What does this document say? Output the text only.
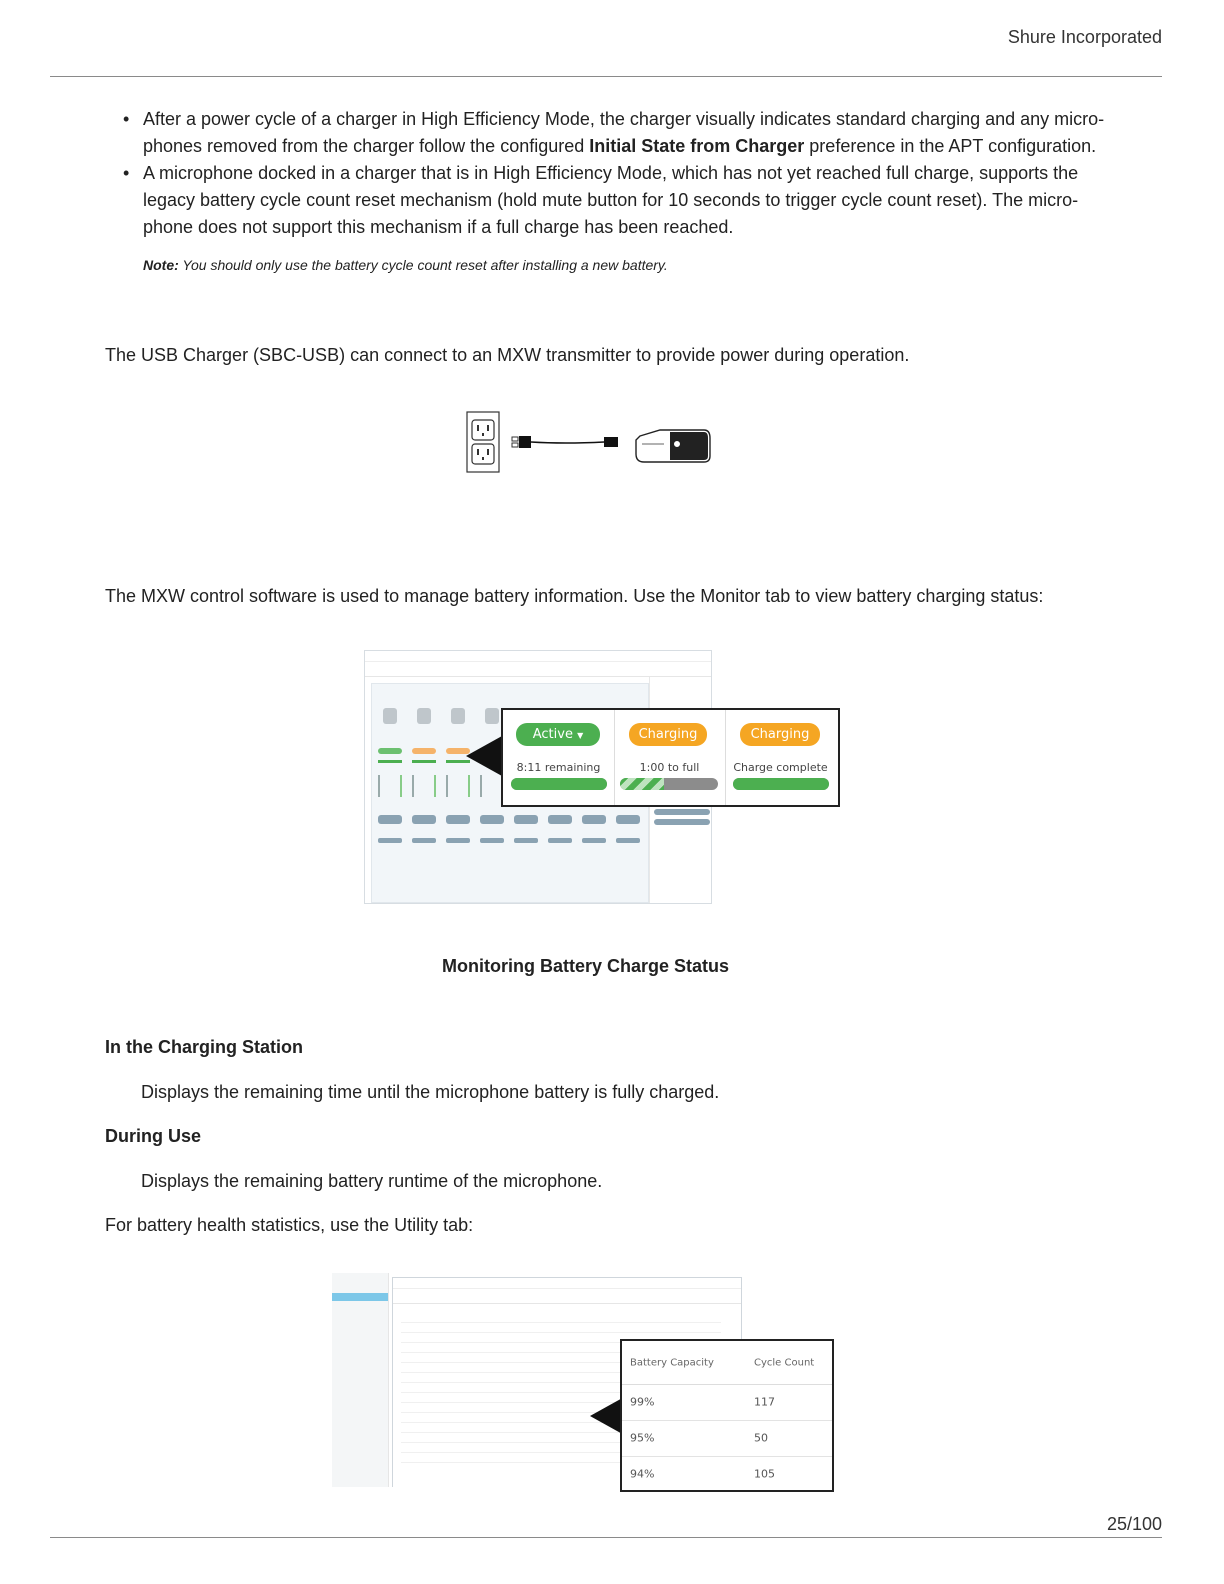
Shure Incorporated
• After a power cycle of a charger in High Efficiency Mode, the charger visually indicates standard charging and any micro-phones removed from the charger follow the configured Initial State from Charger preference in the APT configuration.
• A microphone docked in a charger that is in High Efficiency Mode, which has not yet reached full charge, supports the legacy battery cycle count reset mechanism (hold mute button for 10 seconds to trigger cycle count reset). The micro-phone does not support this mechanism if a full charge has been reached.
Note: You should only use the battery cycle count reset after installing a new battery.
The USB Charger (SBC-USB) can connect to an MXW transmitter to provide power during operation.
The MXW control software is used to manage battery information. Use the Monitor tab to view battery charging status:
Active ▼
8:11 remaining
Charging
1:00 to full
Charging
Charge complete
Monitoring Battery Charge Status
In the Charging Station
Displays the remaining time until the microphone battery is fully charged.
During Use
Displays the remaining battery runtime of the microphone.
For battery health statistics, use the Utility tab:
Battery Capacity	Cycle Count
99%	117
95%	50
94%	105
25/100
